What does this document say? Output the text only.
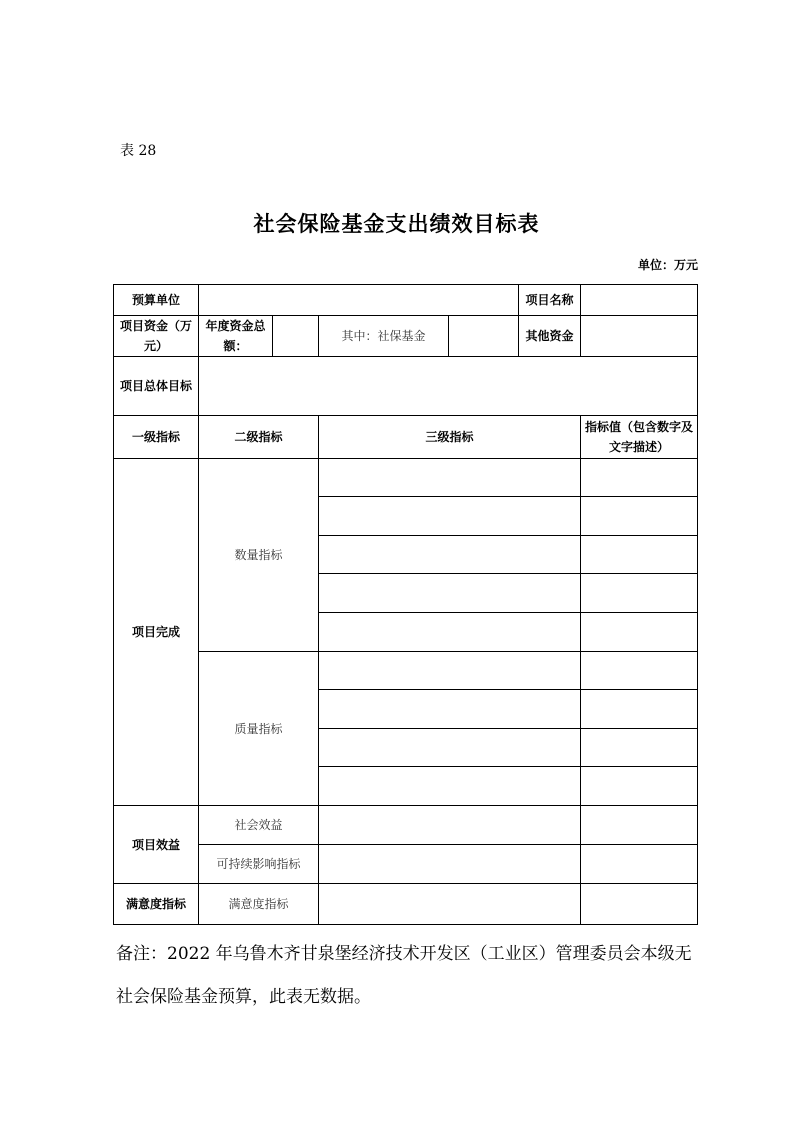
表 28
社会保险基金支出绩效目标表
单位：万元
预算单位					项目名称	
项目资金（万元）	年度资金总额：		其中：社保基金		其他资金	
项目总体目标						
一级指标	二级指标		三级指标			指标值（包含数字及文字描述）
项目完成	数量指标					

	质量指标					

项目效益	社会效益					
	可持续影响指标					
满意度指标	满意度指标					
备注：2022 年乌鲁木齐甘泉堡经济技术开发区（工业区）管理委员会本级无社会保险基金预算，此表无数据。
